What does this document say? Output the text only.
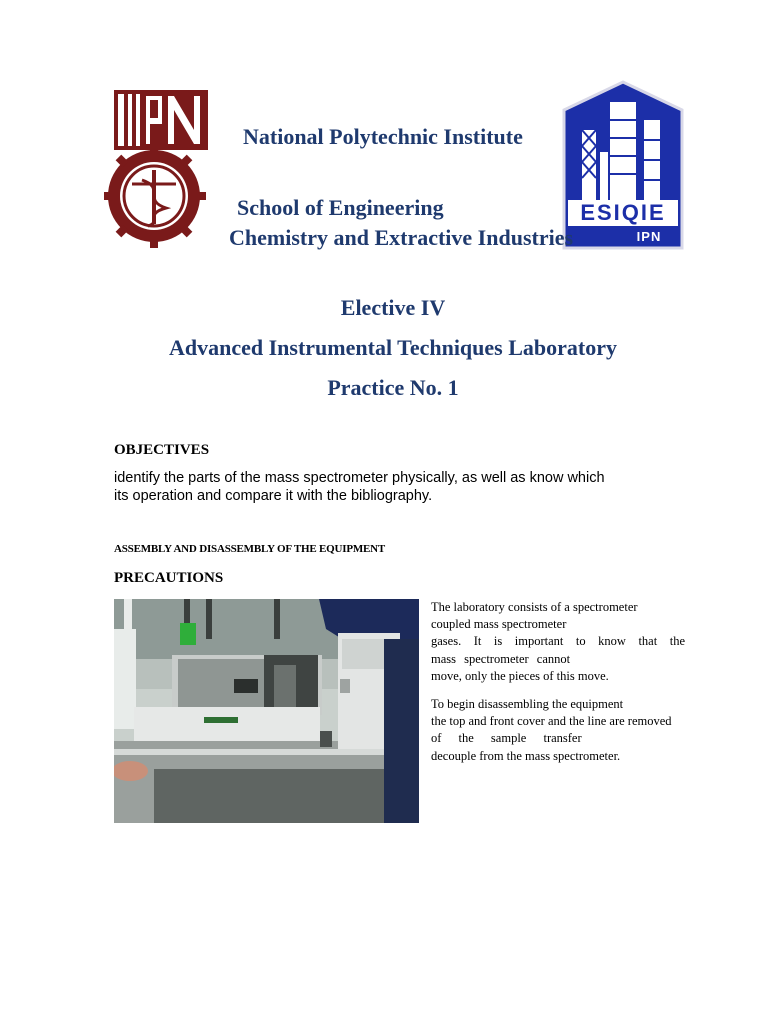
ESIQIE
IPN
National Polytechnic Institute
School of Engineering
Chemistry and Extractive Industries
Elective IV
Advanced Instrumental Techniques Laboratory
Practice No. 1
OBJECTIVES
identify the parts of the mass spectrometer physically, as well as know which
its operation and compare it with the bibliography.
ASSEMBLY AND DISASSEMBLY OF THE EQUIPMENT
PRECAUTIONS
The laboratory consists of a spectrometer
coupled mass spectrometer
gases. It is important to know that the
mass spectrometer cannot
move, only the pieces of this move.
To begin disassembling the equipment
the top and front cover and the line are removed
of the sample transfer
decouple from the mass spectrometer.
